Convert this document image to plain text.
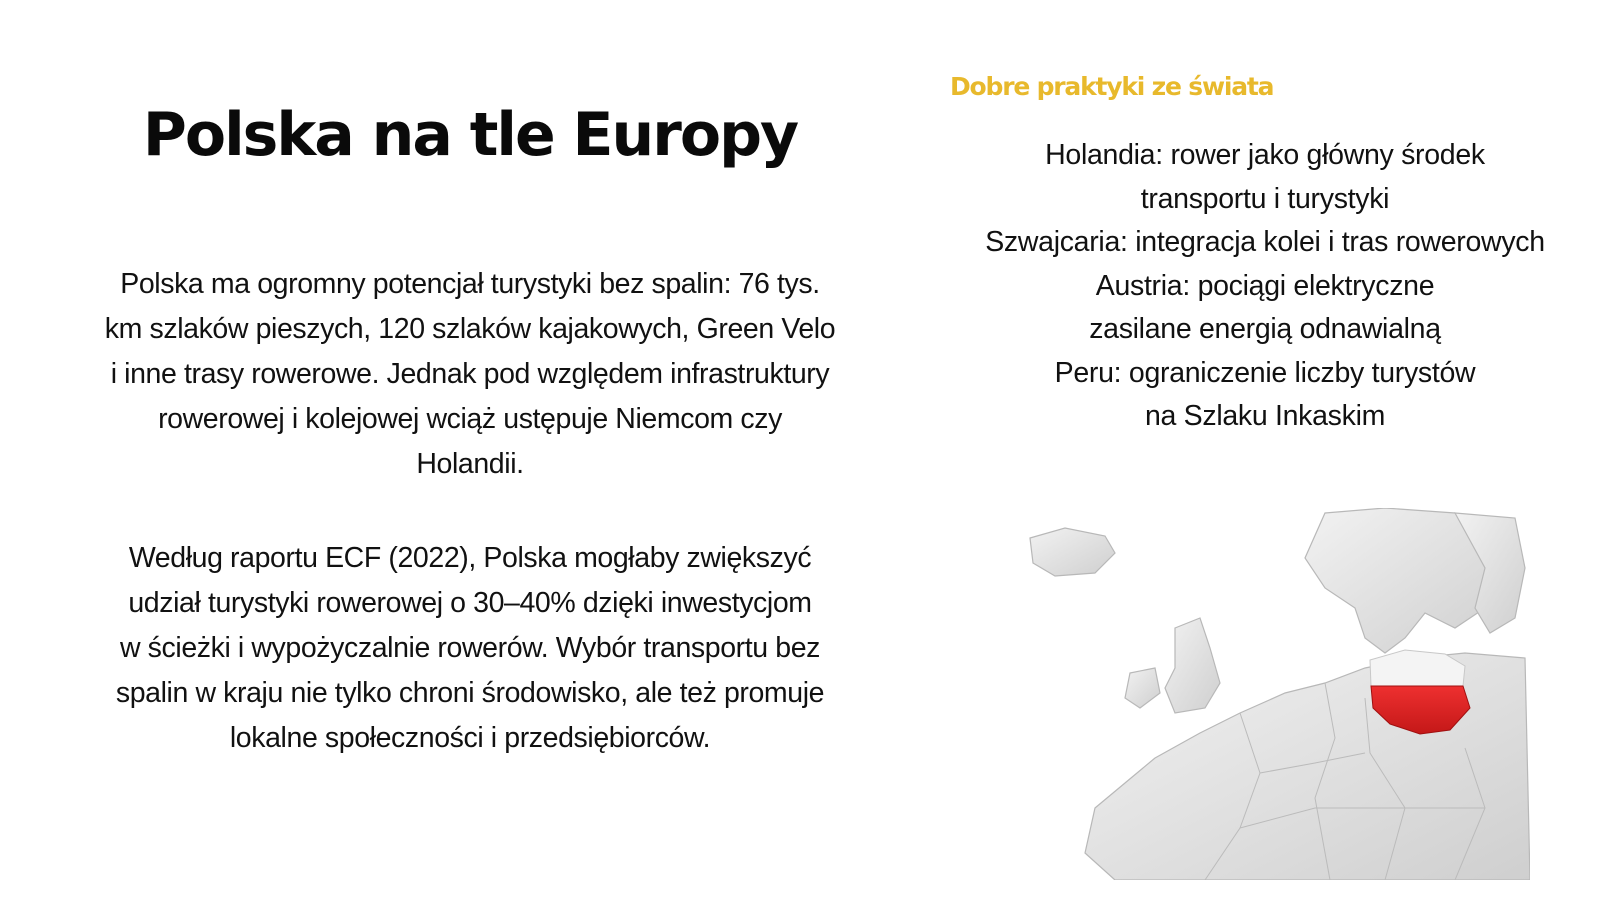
Polska na tle Europy

Polska ma ogromny potencjał turystyki bez spalin: 76 tys.
km szlaków pieszych, 120 szlaków kajakowych, Green Velo
i inne trasy rowerowe. Jednak pod względem infrastruktury
rowerowej i kolejowej wciąż ustępuje Niemcom czy
Holandii.

Według raportu ECF (2022), Polska mogłaby zwiększyć
udział turystyki rowerowej o 30–40% dzięki inwestycjom
w ścieżki i wypożyczalnie rowerów. Wybór transportu bez
spalin w kraju nie tylko chroni środowisko, ale też promuje
lokalne społeczności i przedsiębiorców.

Dobre praktyki ze świata
Holandia: rower jako główny środek
transportu i turystyki
Szwajcaria: integracja kolei i tras rowerowych
Austria: pociągi elektryczne
zasilane energią odnawialną
Peru: ograniczenie liczby turystów
na Szlaku Inkaskim
